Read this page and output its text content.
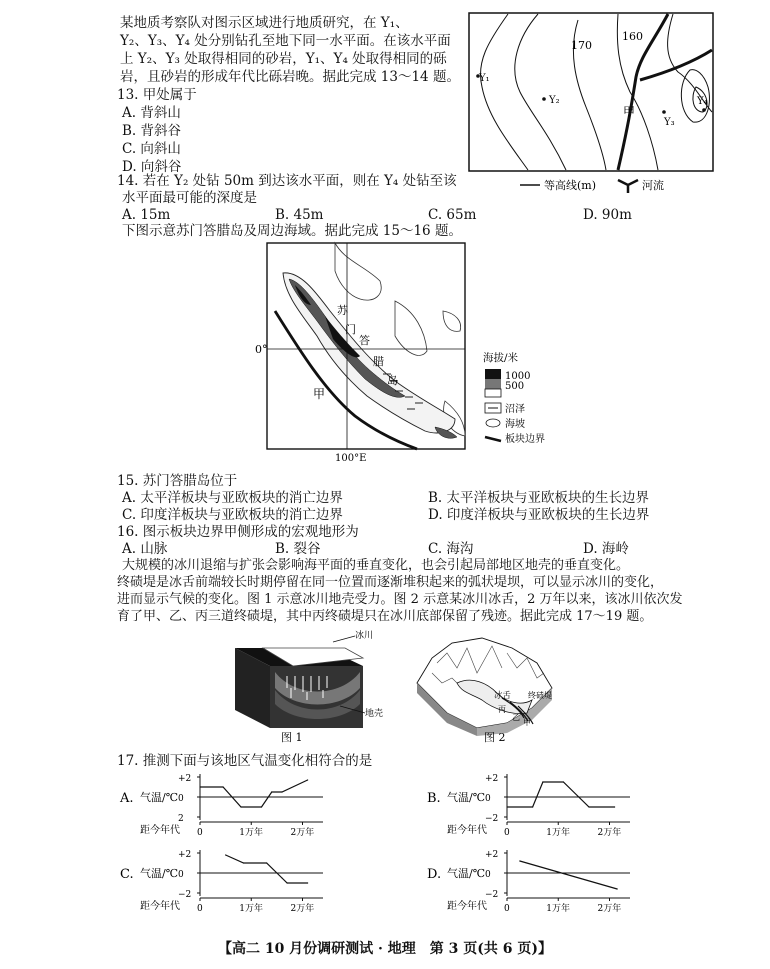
某地质考察队对图示区域进行地质研究，在 Y₁、
Y₂、Y₃、Y₄ 处分别钻孔至地下同一水平面。在该水平面
上 Y₂、Y₃ 处取得相同的砂岩，Y₁、Y₄ 处取得相同的砾
岩，且砂岩的形成年代比砾岩晚。据此完成 13～14 题。
13. 甲处属于
A. 背斜山
B. 背斜谷
C. 向斜山
D. 向斜谷
14. 若在 Y₂ 处钻 50m 到达该水平面，则在 Y₄ 处钻至该
水平面最可能的深度是
A. 15m	B. 45m	C. 65m	D. 90m
170
160
Y₁
Y₂
Y₃
Y₄
甲
等高线(m)	河流
下图示意苏门答腊岛及周边海域。据此完成 15～16 题。
0°
100°E
甲
苏
门
答
腊
岛
海拔/米
1000
500
沼泽
海坡
板块边界
15. 苏门答腊岛位于
A. 太平洋板块与亚欧板块的消亡边界	B. 太平洋板块与亚欧板块的生长边界
C. 印度洋板块与亚欧板块的消亡边界	D. 印度洋板块与亚欧板块的生长边界
16. 图示板块边界甲侧形成的宏观地形为
A. 山脉	B. 裂谷	C. 海沟	D. 海岭
大规模的冰川退缩与扩张会影响海平面的垂直变化，也会引起局部地区地壳的垂直变化。
终碛堤是冰舌前端较长时期停留在同一位置而逐渐堆积起来的弧状堤坝，可以显示冰川的变化，
进而显示气候的变化。图 1 示意冰川地壳受力。图 2 示意某冰川冰舌，2 万年以来，该冰川依次发
育了甲、乙、丙三道终碛堤，其中丙终碛堤只在冰川底部保留了残迹。据此完成 17～19 题。
冰川
地壳
图 1
冰舌
丙
乙
甲
终碛堤
图 2
17. 推测下面与该地区气温变化相符合的是
A. 气温/℃
距今年代
+2
0
2
0	1万年	2万年
B. 气温/℃
距今年代
+2
0
−2
0	1万年	2万年
C. 气温/℃
距今年代
+2
0
−2
0	1万年	2万年
D. 气温/℃
距今年代
+2
0
−2
0	1万年	2万年
【高二 10 月份调研测试 · 地理　第 3 页(共 6 页)】
